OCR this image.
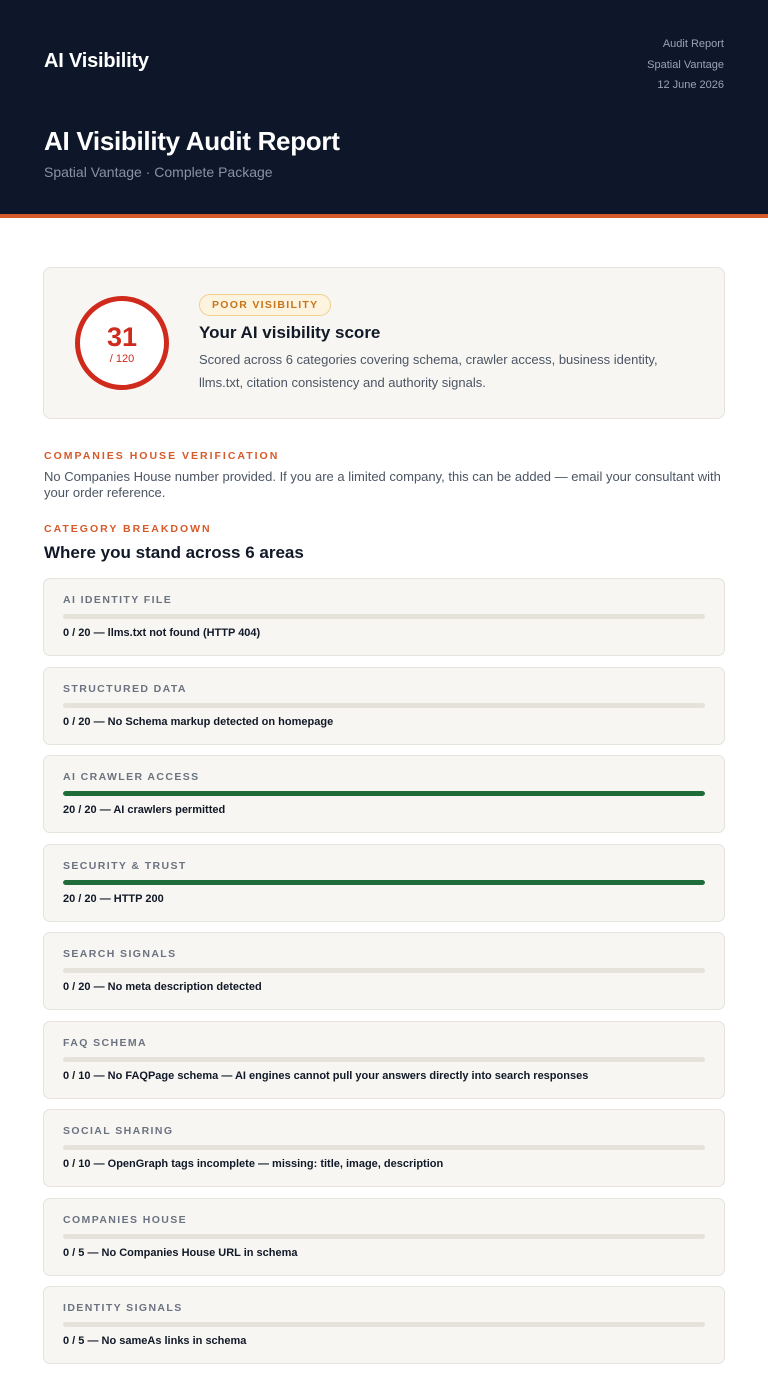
AI Visibility
Audit Report
Spatial Vantage
12 June 2026
AI Visibility Audit Report
Spatial Vantage · Complete Package
31
/ 120
POOR VISIBILITY
Your AI visibility score
Scored across 6 categories covering schema, crawler access, business identity, llms.txt, citation consistency and authority signals.
COMPANIES HOUSE VERIFICATION
No Companies House number provided. If you are a limited company, this can be added — email your consultant with your order reference.
CATEGORY BREAKDOWN
Where you stand across 6 areas
AI IDENTITY FILE
0 / 20 — llms.txt not found (HTTP 404)
STRUCTURED DATA
0 / 20 — No Schema markup detected on homepage
AI CRAWLER ACCESS
20 / 20 — AI crawlers permitted
SECURITY & TRUST
20 / 20 — HTTP 200
SEARCH SIGNALS
0 / 20 — No meta description detected
FAQ SCHEMA
0 / 10 — No FAQPage schema — AI engines cannot pull your answers directly into search responses
SOCIAL SHARING
0 / 10 — OpenGraph tags incomplete — missing: title, image, description
COMPANIES HOUSE
0 / 5 — No Companies House URL in schema
IDENTITY SIGNALS
0 / 5 — No sameAs links in schema
